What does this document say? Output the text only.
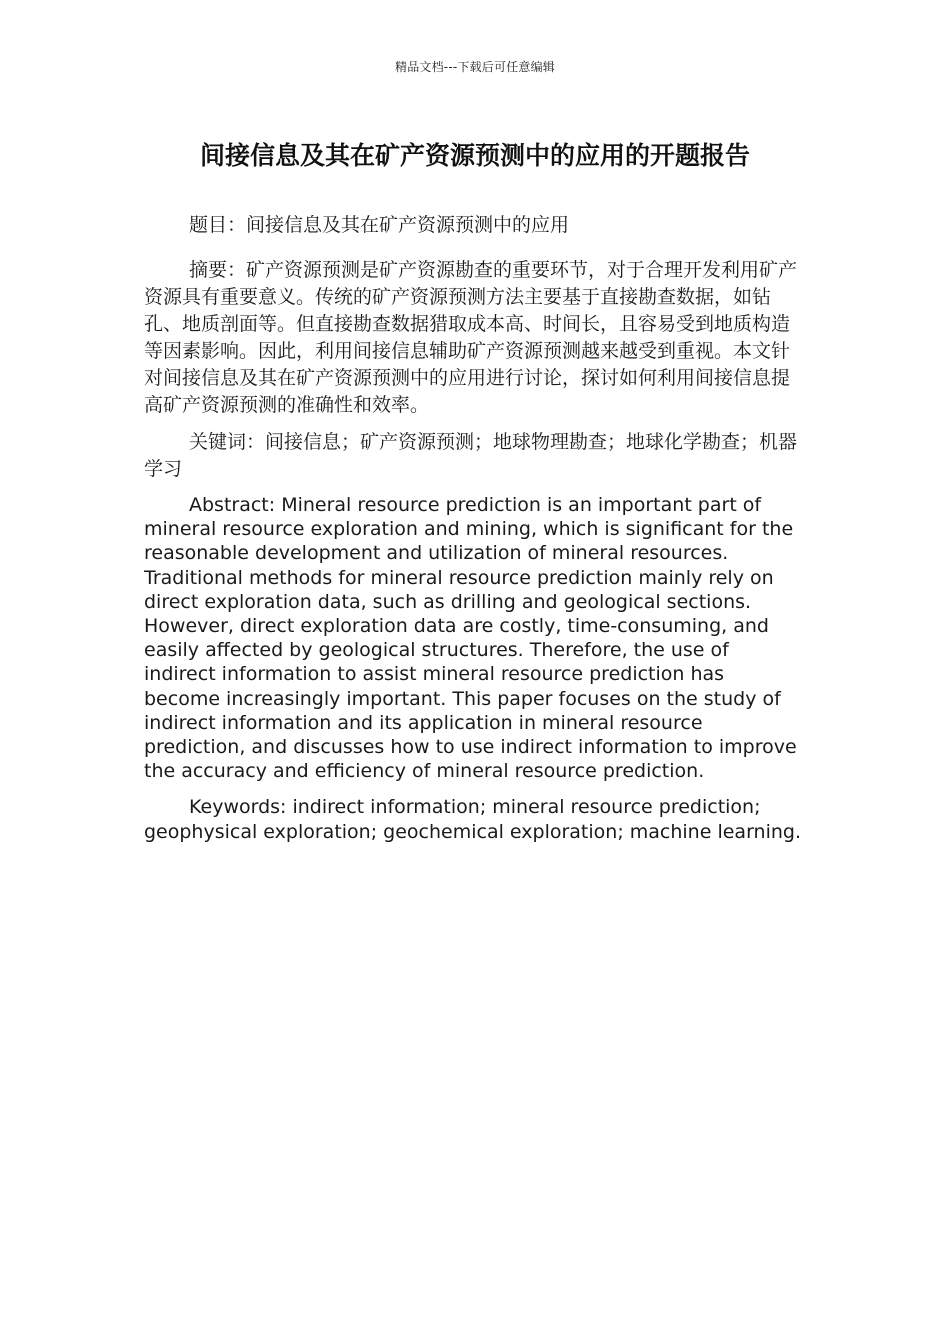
精品文档---下载后可任意编辑
间接信息及其在矿产资源预测中的应用的开题报告

题目：间接信息及其在矿产资源预测中的应用

摘要：矿产资源预测是矿产资源勘查的重要环节，对于合理开发利用矿产资源具有重要意义。传统的矿产资源预测方法主要基于直接勘查数据，如钻孔、地质剖面等。但直接勘查数据猎取成本高、时间长，且容易受到地质构造等因素影响。因此，利用间接信息辅助矿产资源预测越来越受到重视。本文针对间接信息及其在矿产资源预测中的应用进行讨论，探讨如何利用间接信息提高矿产资源预测的准确性和效率。

关键词：间接信息；矿产资源预测；地球物理勘查；地球化学勘查；机器学习

Abstract: Mineral resource prediction is an important part of mineral resource exploration and mining, which is significant for the reasonable development and utilization of mineral resources. Traditional methods for mineral resource prediction mainly rely on direct exploration data, such as drilling and geological sections. However, direct exploration data are costly, time-consuming, and easily affected by geological structures. Therefore, the use of indirect information to assist mineral resource prediction has become increasingly important. This paper focuses on the study of indirect information and its application in mineral resource prediction, and discusses how to use indirect information to improve the accuracy and efficiency of mineral resource prediction.

Keywords: indirect information; mineral resource prediction; geophysical exploration; geochemical exploration; machine learning.
